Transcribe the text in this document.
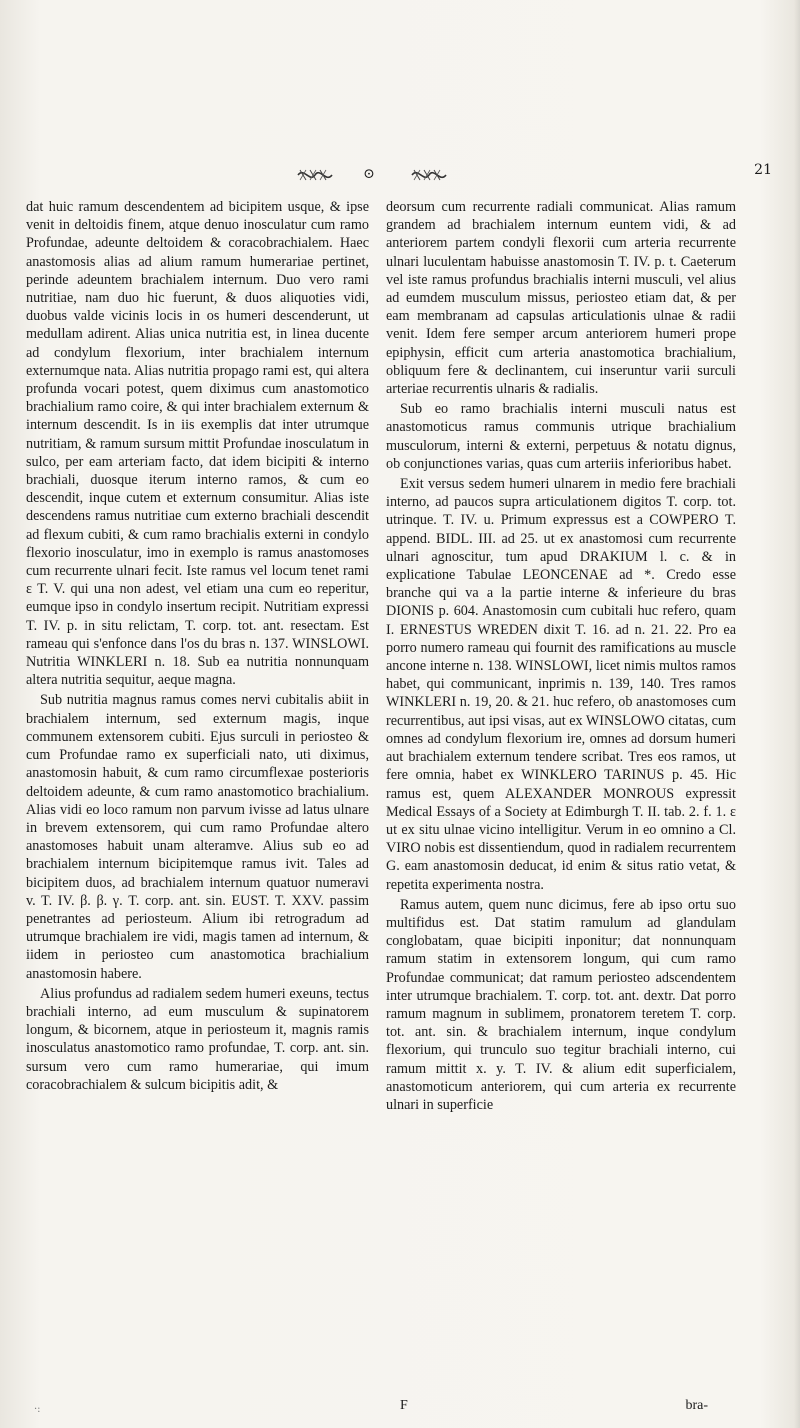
⊙	21

dat huic ramum descendentem ad bicipitem usque, & ipse venit in deltoidis finem, atque denuo inosculatur cum ramo Profundae, adeunte deltoidem & coracobrachialem. Haec anastomosis alias ad alium ramum humerariae pertinet, perinde adeuntem brachialem internum. Duo vero rami nutritiae, nam duo hic fuerunt, & duos aliquoties vidi, duobus valde vicinis locis in os humeri descenderunt, ut medullam adirent. Alias unica nutritia est, in linea ducente ad condylum flexorium, inter brachialem internum externumque nata. Alias nutritia propago rami est, qui altera profunda vocari potest, quem diximus cum anastomotico brachialium ramo coire, & qui inter brachialem externum & internum descendit. Is in iis exemplis dat inter utrumque nutritiam, & ramum sursum mittit Profundae inosculatum in sulco, per eam arteriam facto, dat idem bicipiti & interno brachiali, duosque iterum interno ramos, & cum eo descendit, inque cutem et externum consumitur. Alias iste descendens ramus nutritiae cum externo brachiali descendit ad flexum cubiti, & cum ramo brachialis externi in condylo flexorio inosculatur, imo in exemplo is ramus anastomoses cum recurrente ulnari fecit. Iste ramus vel locum tenet rami ε T. V. qui una non adest, vel etiam una cum eo reperitur, eumque ipso in condylo insertum recipit. Nutritiam expressi T. IV. p. in situ relictam, T. corp. tot. ant. resectam. Est rameau qui s'enfonce dans l'os du bras n. 137. WINSLOWI. Nutritia WINKLERI n. 18. Sub ea nutritia nonnunquam altera nutritia sequitur, aeque magna.

Sub nutritia magnus ramus comes nervi cubitalis abiit in brachialem internum, sed externum magis, inque communem extensorem cubiti. Ejus surculi in periosteo & cum Profundae ramo ex superficiali nato, uti diximus, anastomosin habuit, & cum ramo circumflexae posterioris deltoidem adeunte, & cum ramo anastomotico brachialium. Alias vidi eo loco ramum non parvum ivisse ad latus ulnare in brevem extensorem, qui cum ramo Profundae altero anastomoses habuit unam alteramve. Alius sub eo ad brachialem internum bicipitemque ramus ivit. Tales ad bicipitem duos, ad brachialem internum quatuor numeravi v. T. IV. β. β. γ. T. corp. ant. sin. EUST. T. XXV. passim penetrantes ad periosteum. Alium ibi retrogradum ad utrumque brachialem ire vidi, magis tamen ad internum, & iidem in periosteo cum anastomotica brachialium anastomosin habere.

Alius profundus ad radialem sedem humeri exeuns, tectus brachiali interno, ad eum musculum & supinatorem longum, & bicornem, atque in periosteum it, magnis ramis inosculatus anastomotico ramo profundae, T. corp. ant. sin. sursum vero cum ramo humerariae, qui imum coracobrachialem & sulcum bicipitis adit, &

deorsum cum recurrente radiali communicat. Alias ramum grandem ad brachialem internum euntem vidi, & ad anteriorem partem condyli flexorii cum arteria recurrente ulnari luculentam habuisse anastomosin T. IV. p. t. Caeterum vel iste ramus profundus brachialis interni musculi, vel alius ad eumdem musculum missus, periosteo etiam dat, & per eam membranam ad capsulas articulationis ulnae & radii venit. Idem fere semper arcum anteriorem humeri prope epiphysin, efficit cum arteria anastomotica brachialium, obliquum fere & declinantem, cui inseruntur varii surculi arteriae recurrentis ulnaris & radialis.

Sub eo ramo brachialis interni musculi natus est anastomoticus ramus communis utrique brachialium musculorum, interni & externi, perpetuus & notatu dignus, ob conjunctiones varias, quas cum arteriis inferioribus habet.

Exit versus sedem humeri ulnarem in medio fere brachiali interno, ad paucos supra articulationem digitos T. corp. tot. utrinque. T. IV. u. Primum expressus est a COWPERO T. append. BIDL. III. ad 25. ut ex anastomosi cum recurrente ulnari agnoscitur, tum apud DRAKIUM l. c. & in explicatione Tabulae LEONCENAE ad *. Credo esse branche qui va a la partie interne & inferieure du bras DIONIS p. 604. Anastomosin cum cubitali huc refero, quam I. ERNESTUS WREDEN dixit T. 16. ad n. 21. 22. Pro ea porro numero rameau qui fournit des ramifications au muscle ancone interne n. 138. WINSLOWI, licet nimis multos ramos habet, qui communicant, inprimis n. 139, 140. Tres ramos WINKLERI n. 19, 20. & 21. huc refero, ob anastomoses cum recurrentibus, aut ipsi visas, aut ex WINSLOWO citatas, cum omnes ad condylum flexorium ire, omnes ad dorsum humeri aut brachialem externum tendere scribat. Tres eos ramos, ut fere omnia, habet ex WINKLERO TARINUS p. 45. Hic ramus est, quem ALEXANDER MONROUS expressit Medical Essays of a Society at Edimburgh T. II. tab. 2. f. 1. ε ut ex situ ulnae vicino intelligitur. Verum in eo omnino a Cl. VIRO nobis est dissentiendum, quod in radialem recurrentem G. eam anastomosin deducat, id enim & situs ratio vetat, & repetita experimenta nostra.

Ramus autem, quem nunc dicimus, fere ab ipso ortu suo multifidus est. Dat statim ramulum ad glandulam conglobatam, quae bicipiti inponitur; dat nonnunquam ramum statim in extensorem longum, qui cum ramo Profundae communicat; dat ramum periosteo adscendentem inter utrumque brachialem. T. corp. tot. ant. dextr. Dat porro ramum magnum in sublimem, pronatorem teretem T. corp. tot. ant. sin. & brachialem internum, inque condylum flexorium, qui trunculo suo tegitur brachiali interno, cui ramum mittit x. y. T. IV. & alium edit superficialem, anastomoticum anteriorem, qui cum arteria ex recurrente ulnari in superficie

·:	F	bra-
